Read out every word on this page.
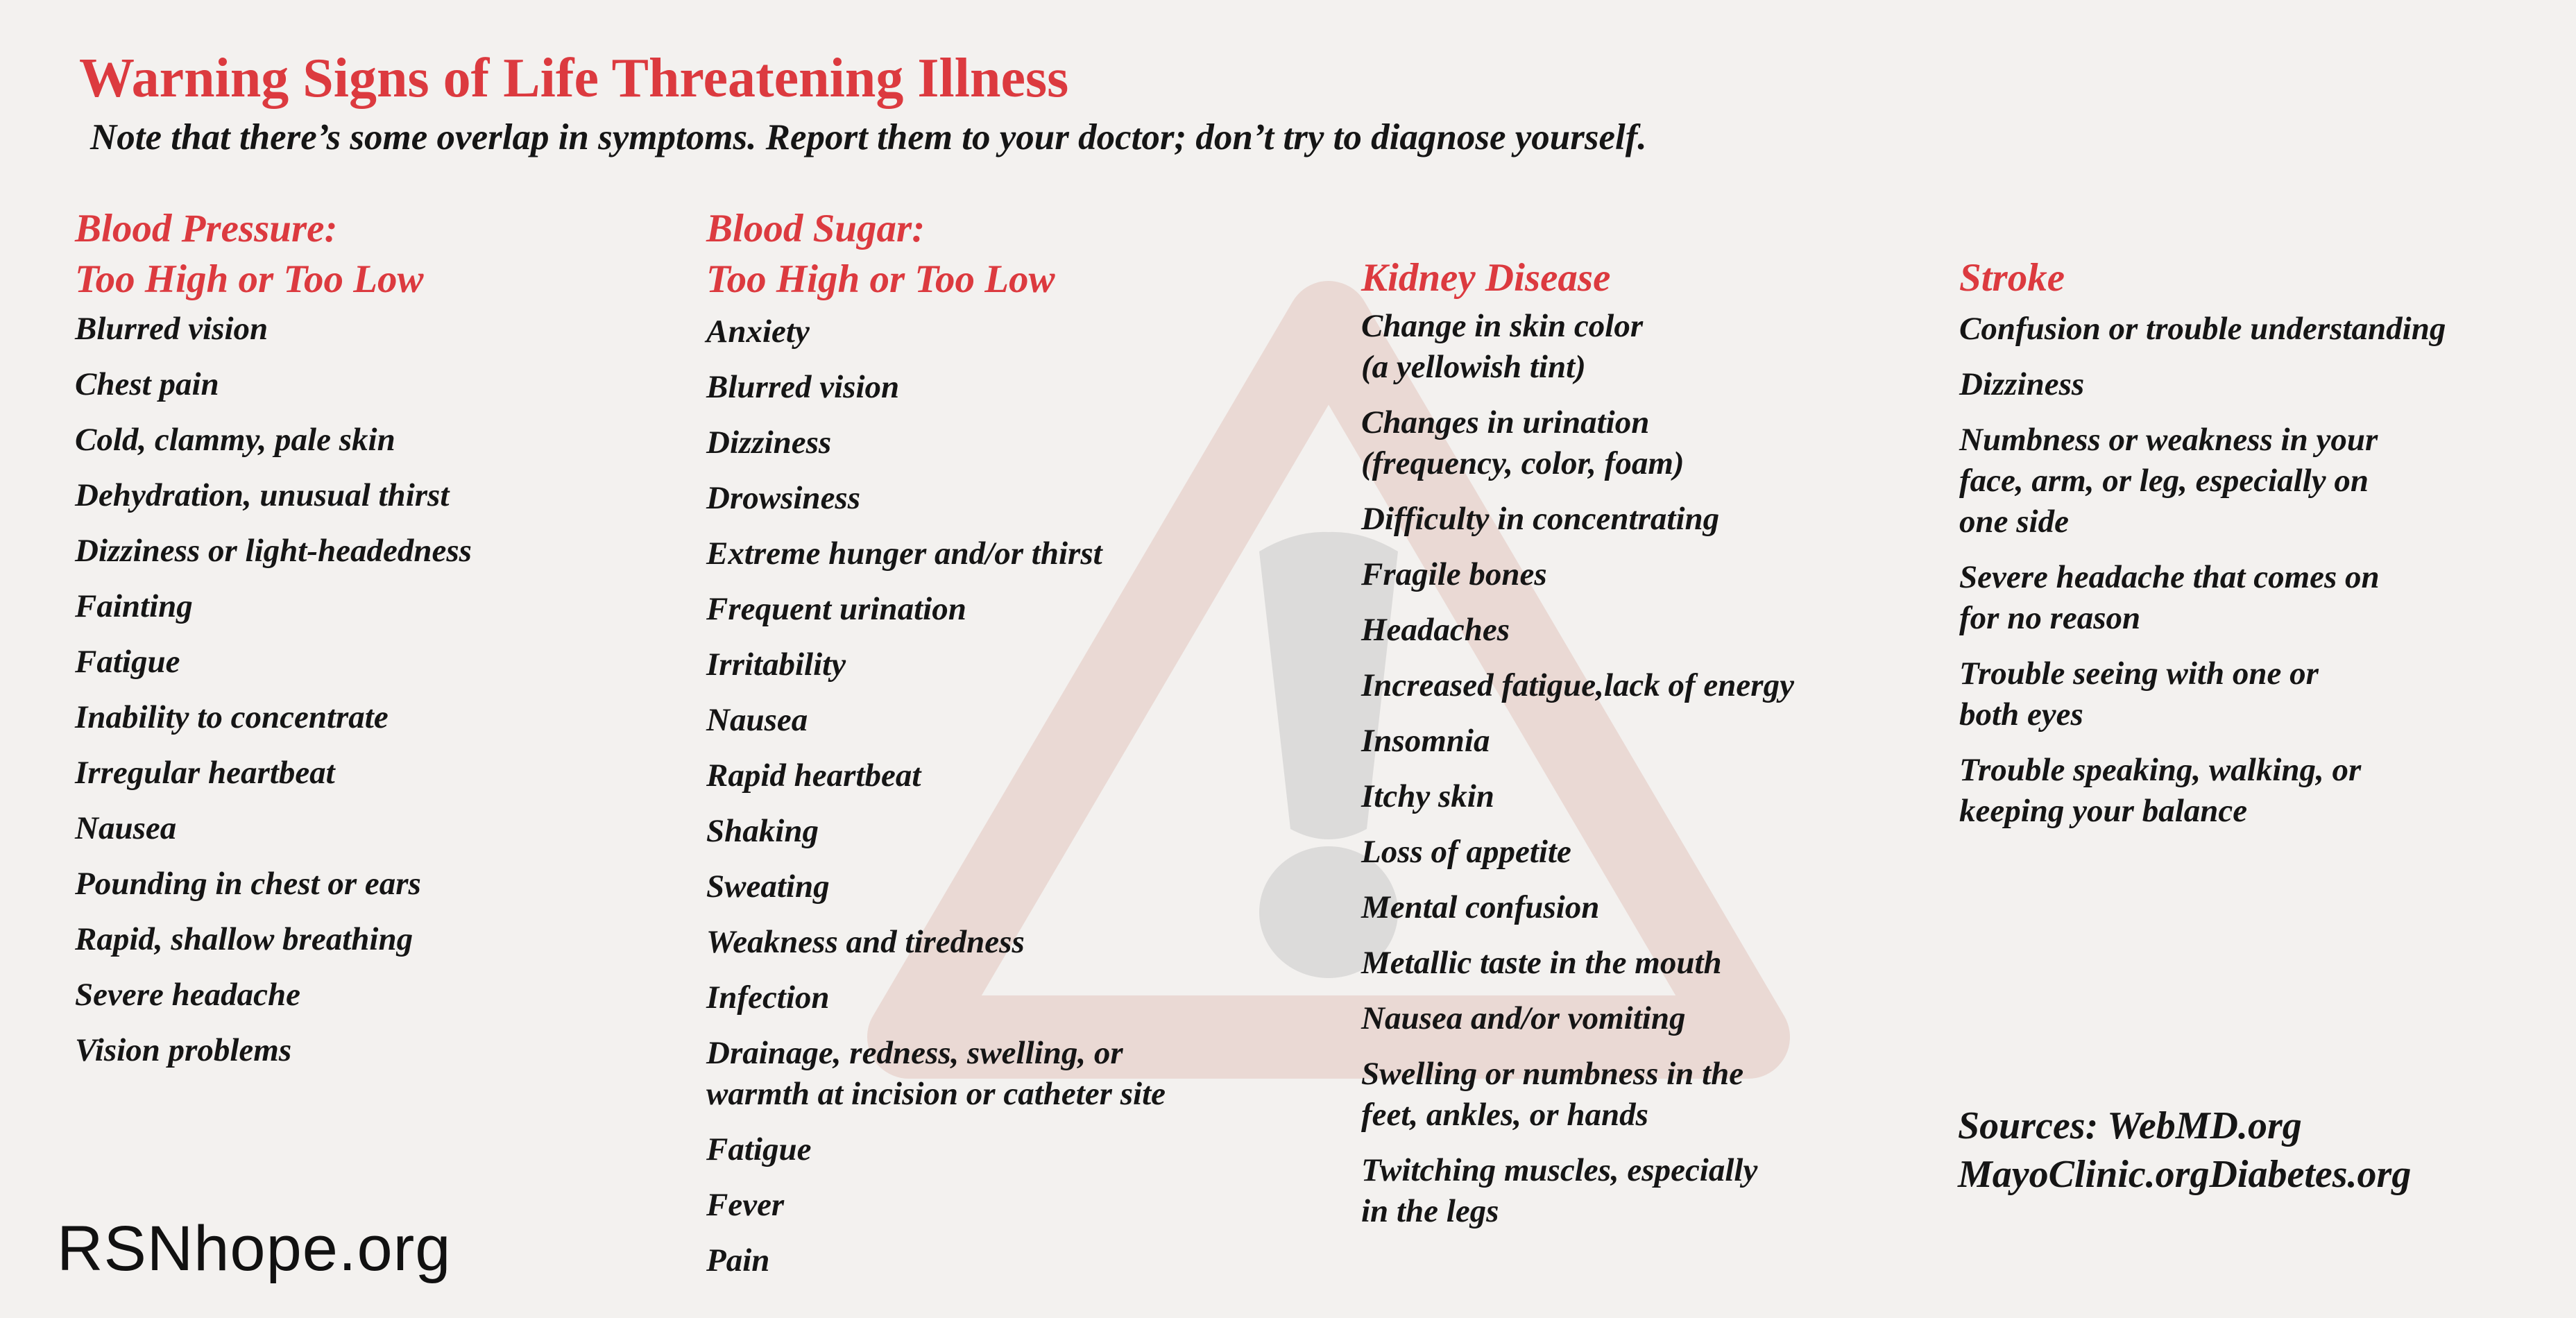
Warning Signs of Life Threatening Illness
Note that there’s some overlap in symptoms. Report them to your doctor; don’t try to diagnose yourself.
Blood Pressure:
Too High or Too Low
Blurred vision
Chest pain
Cold, clammy, pale skin
Dehydration, unusual thirst
Dizziness or light-headedness
Fainting
Fatigue
Inability to concentrate
Irregular heartbeat
Nausea
Pounding in chest or ears
Rapid, shallow breathing
Severe headache
Vision problems
Blood Sugar:
Too High or Too Low
Anxiety
Blurred vision
Dizziness
Drowsiness
Extreme hunger and/or thirst
Frequent urination
Irritability
Nausea
Rapid heartbeat
Shaking
Sweating
Weakness and tiredness
Infection
Drainage, redness, swelling, or
warmth at incision or catheter site
Fatigue
Fever
Pain
Kidney Disease
Change in skin color
(a yellowish tint)
Changes in urination
(frequency, color, foam)
Difficulty in concentrating
Fragile bones
Headaches
Increased fatigue,lack of energy
Insomnia
Itchy skin
Loss of appetite
Mental confusion
Metallic taste in the mouth
Nausea and/or vomiting
Swelling or numbness in the
feet, ankles, or hands
Twitching muscles, especially
in the legs
Stroke
Confusion or trouble understanding
Dizziness
Numbness or weakness in your
face, arm, or leg, especially on
one side
Severe headache that comes on
for no reason
Trouble seeing with one or
both eyes
Trouble speaking, walking, or
keeping your balance
Sources: WebMD.org
MayoClinic.orgDiabetes.org
RSNhope.org
